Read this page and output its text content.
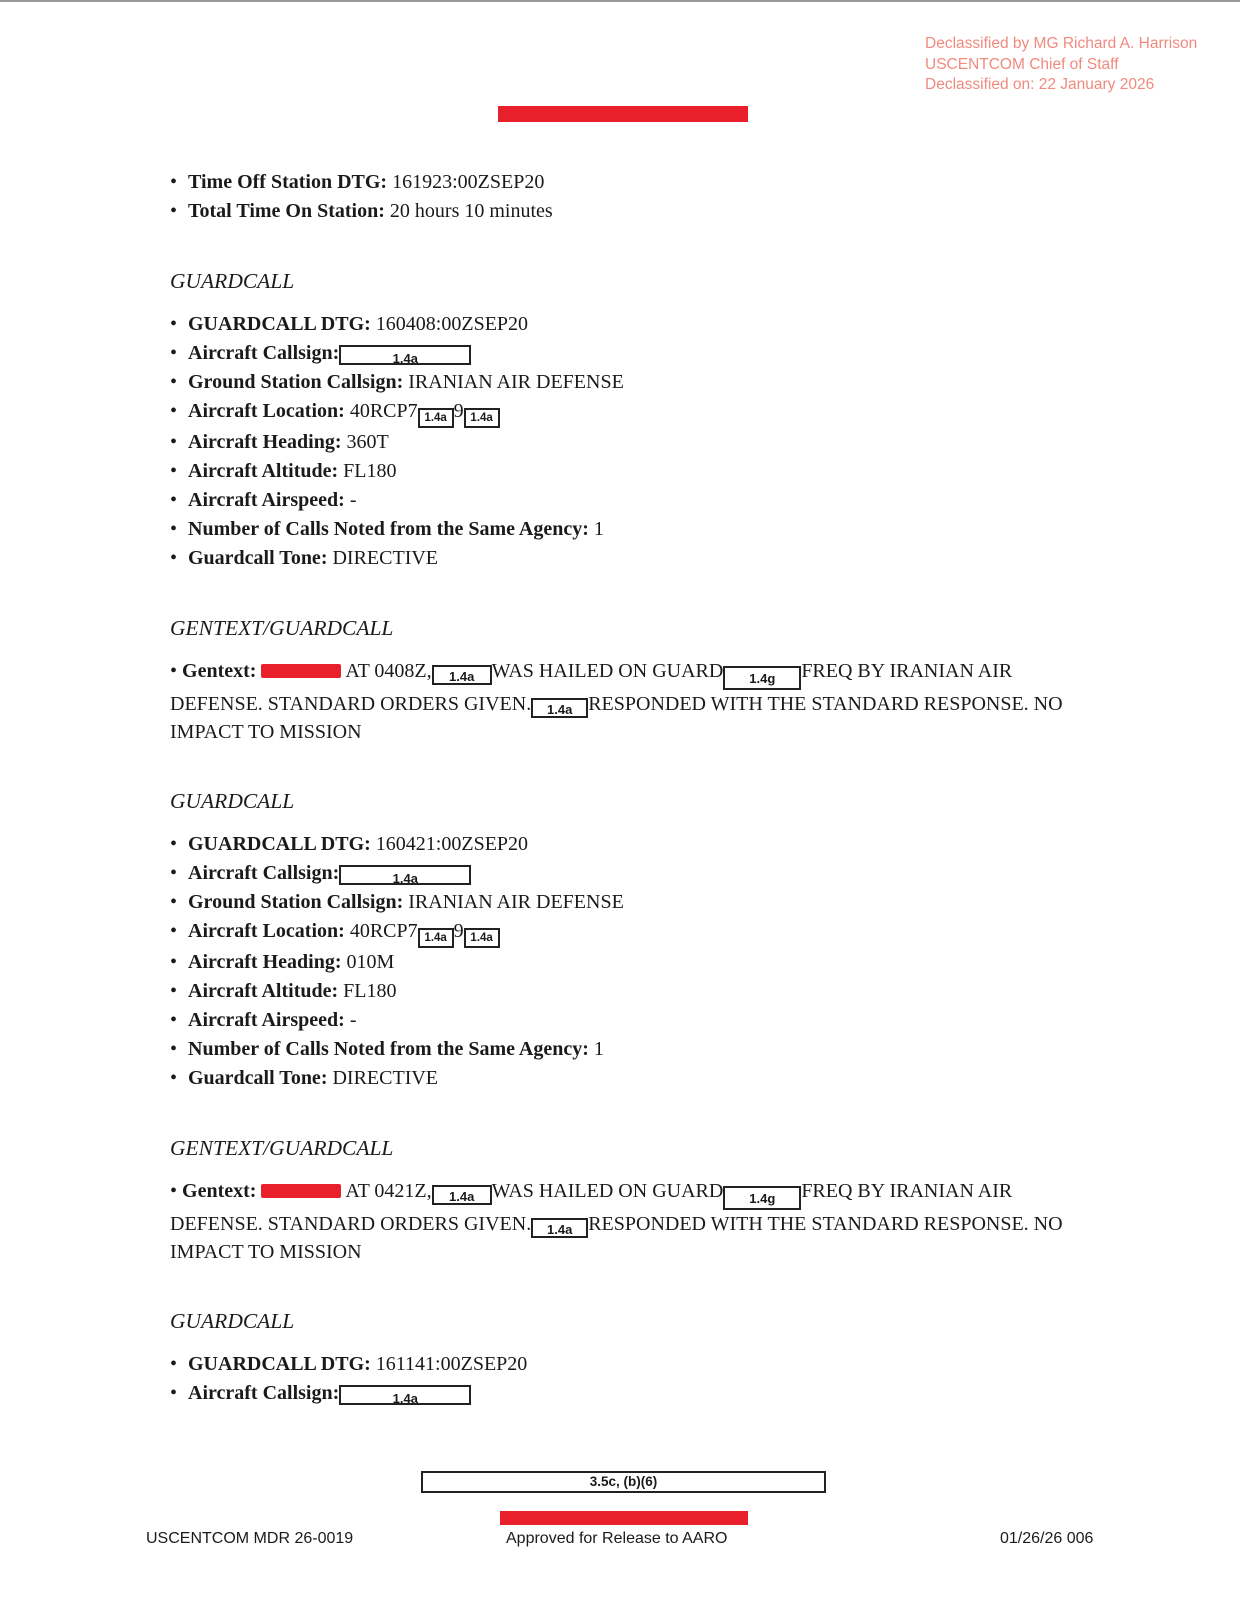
Declassified by MG Richard A. Harrison
USCENTCOM Chief of Staff
Declassified on: 22 January 2026
• Time Off Station DTG: 161923:00ZSEP20
• Total Time On Station: 20 hours 10 minutes

GUARDCALL

• GUARDCALL DTG: 160408:00ZSEP20
• Aircraft Callsign:	1.4a
• Ground Station Callsign: IRANIAN AIR DEFENSE
• Aircraft Location: 40RCP7 1.4a 9 1.4a
• Aircraft Heading: 360T
• Aircraft Altitude: FL180
• Aircraft Airspeed: -
• Number of Calls Noted from the Same Agency: 1
• Guardcall Tone: DIRECTIVE

GENTEXT/GUARDCALL

• Gentext:	AT 0408Z, 1.4a WAS HAILED ON GUARD 1.4g FREQ BY IRANIAN AIR DEFENSE. STANDARD ORDERS GIVEN. 1.4a RESPONDED WITH THE STANDARD RESPONSE. NO IMPACT TO MISSION

GUARDCALL

• GUARDCALL DTG: 160421:00ZSEP20
• Aircraft Callsign:	1.4a
• Ground Station Callsign: IRANIAN AIR DEFENSE
• Aircraft Location: 40RCP7 1.4a 9 1.4a
• Aircraft Heading: 010M
• Aircraft Altitude: FL180
• Aircraft Airspeed: -
• Number of Calls Noted from the Same Agency: 1
• Guardcall Tone: DIRECTIVE

GENTEXT/GUARDCALL

• Gentext:	AT 0421Z, 1.4a WAS HAILED ON GUARD 1.4g FREQ BY IRANIAN AIR DEFENSE. STANDARD ORDERS GIVEN. 1.4a RESPONDED WITH THE STANDARD RESPONSE. NO IMPACT TO MISSION

GUARDCALL

• GUARDCALL DTG: 161141:00ZSEP20
• Aircraft Callsign:	1.4a
3.5c, (b)(6)
USCENTCOM MDR 26-0019	Approved for Release to AARO	01/26/26 006
